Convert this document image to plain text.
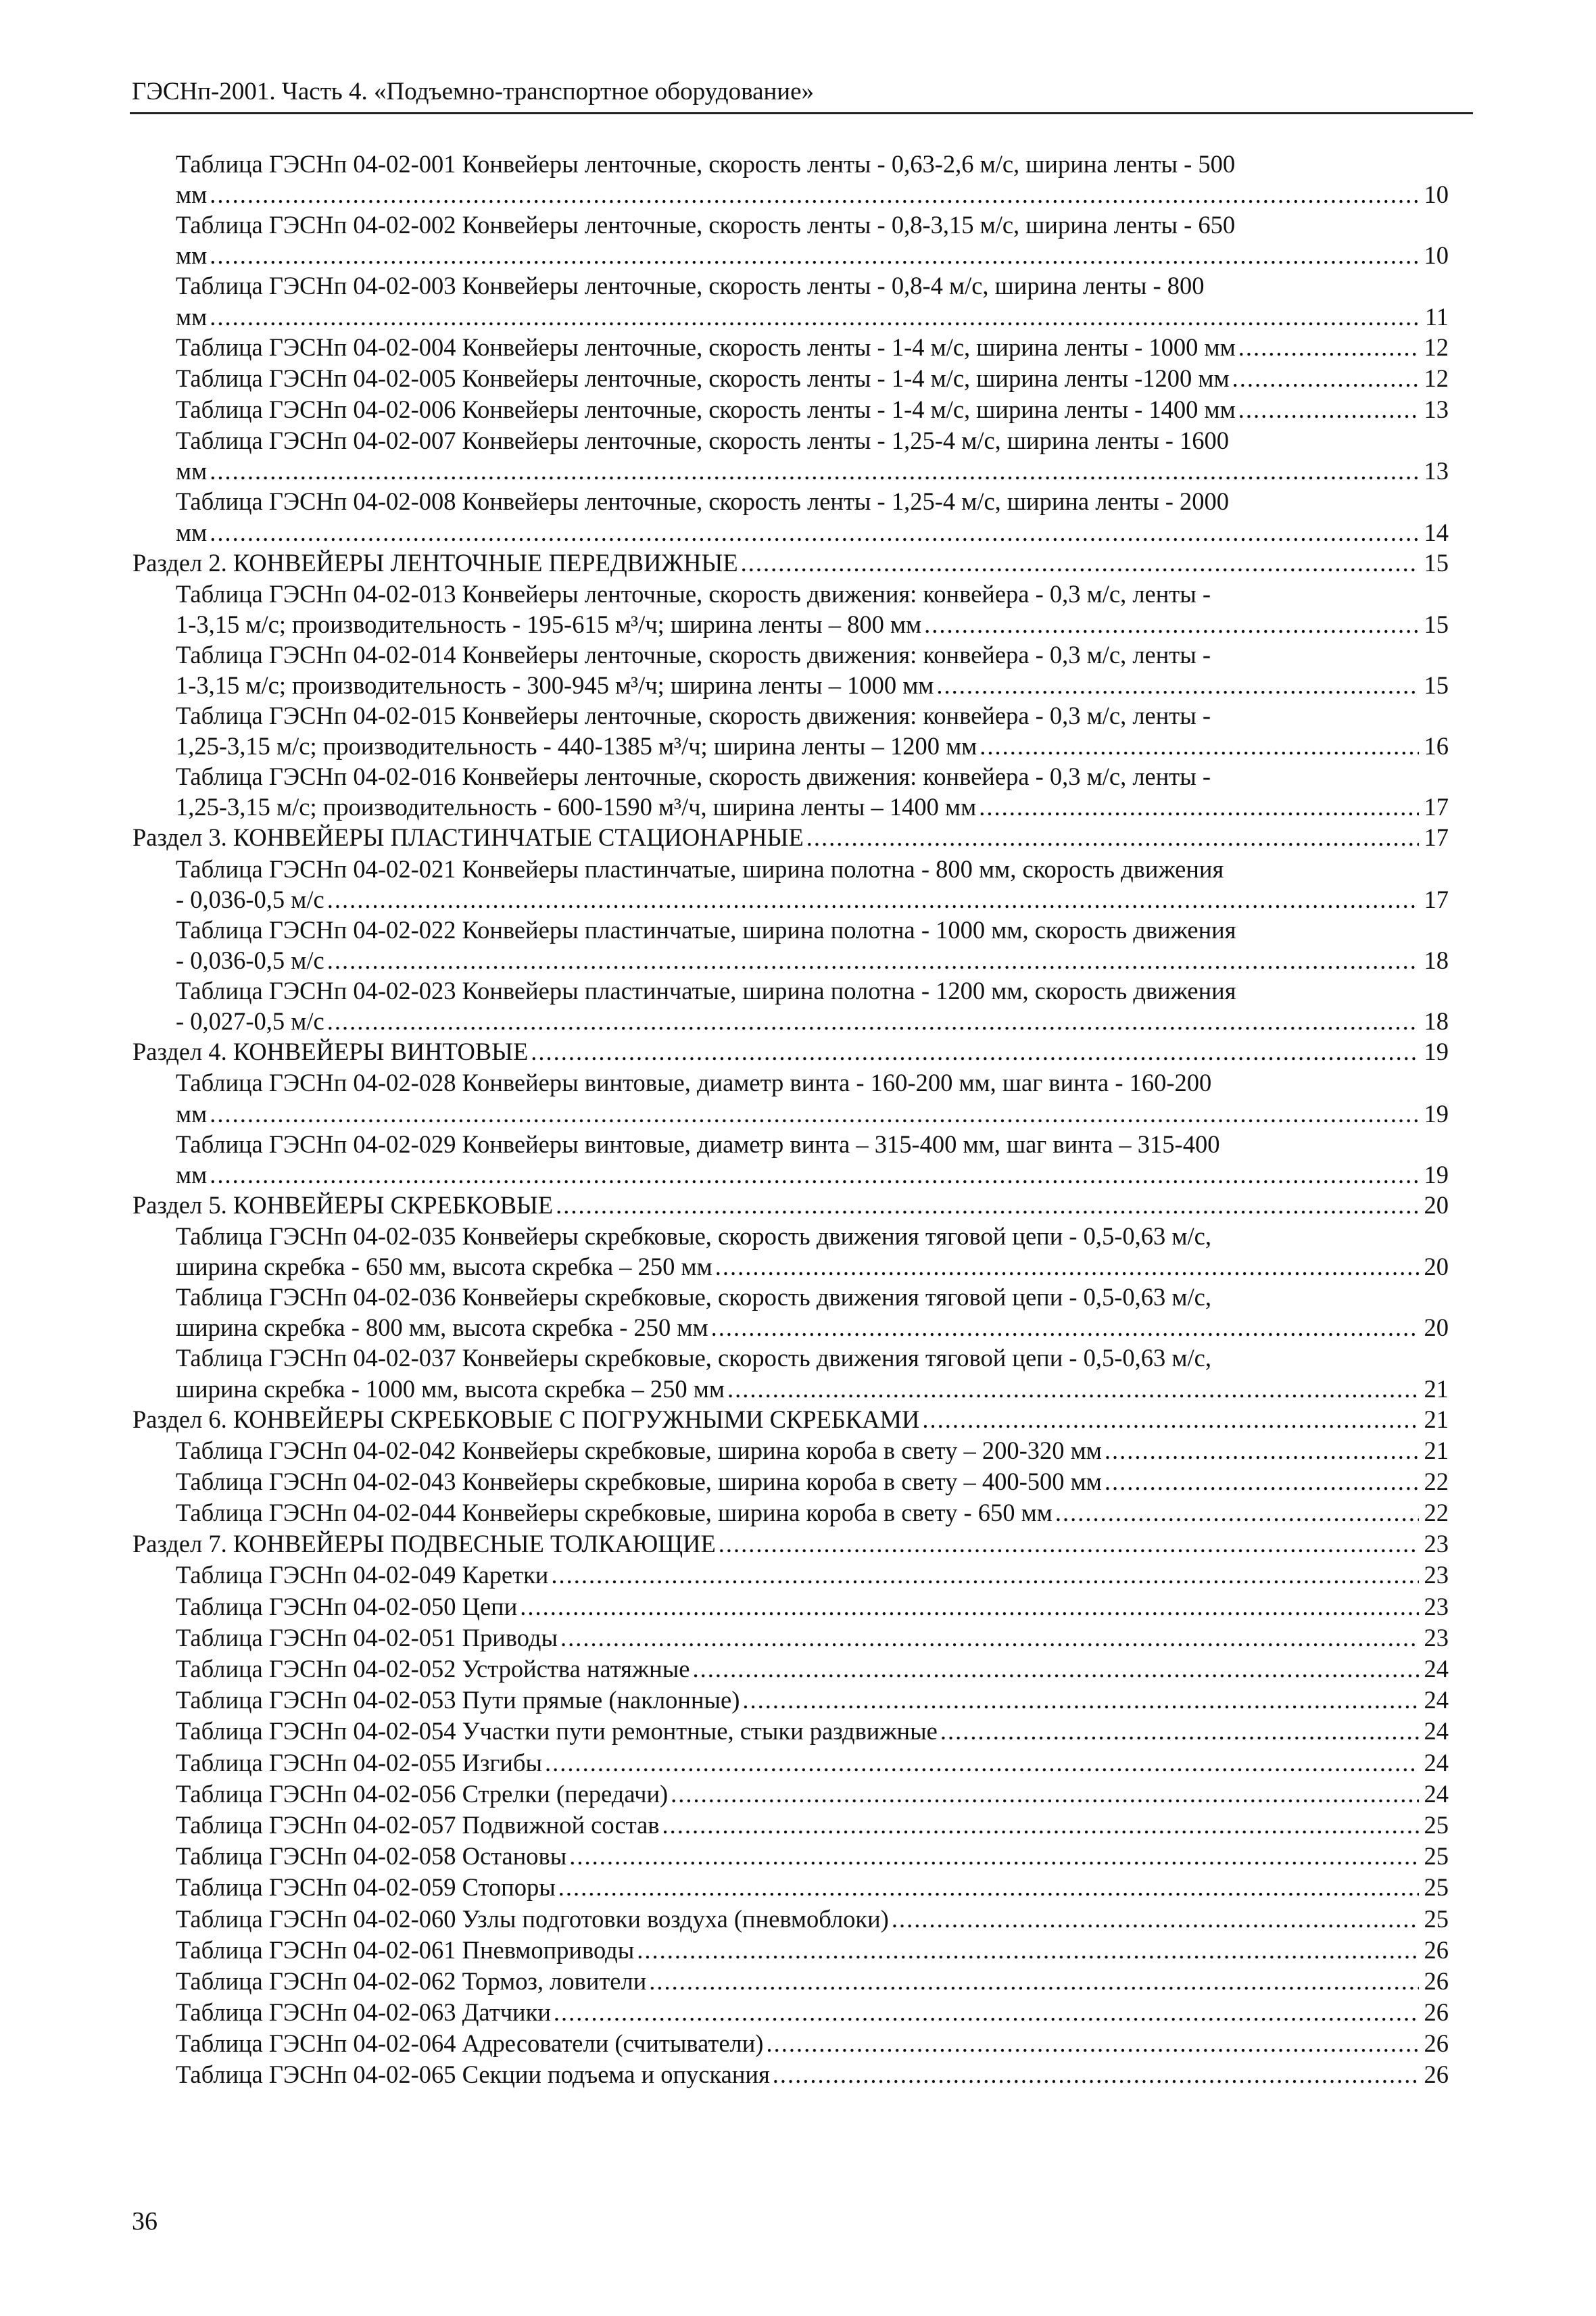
ГЭСНп-2001. Часть 4. «Подъемно-транспортное оборудование»
Таблица ГЭСНп 04-02-001 Конвейеры ленточные, скорость ленты - 0,63-2,6 м/с, ширина ленты - 500
мм .....	10
Таблица ГЭСНп 04-02-002 Конвейеры ленточные, скорость ленты - 0,8-3,15 м/с, ширина ленты - 650
мм .....	10
Таблица ГЭСНп 04-02-003 Конвейеры ленточные, скорость ленты - 0,8-4 м/с, ширина ленты - 800
мм .....	11
Таблица ГЭСНп 04-02-004 Конвейеры ленточные, скорость ленты - 1-4 м/с, ширина ленты - 1000 мм .....	12
Таблица ГЭСНп 04-02-005 Конвейеры ленточные, скорость ленты - 1-4 м/с, ширина ленты -1200 мм .....	12
Таблица ГЭСНп 04-02-006 Конвейеры ленточные, скорость ленты - 1-4 м/с, ширина ленты - 1400 мм .....	13
Таблица ГЭСНп 04-02-007 Конвейеры ленточные, скорость ленты - 1,25-4 м/с, ширина ленты - 1600
мм .....	13
Таблица ГЭСНп 04-02-008 Конвейеры ленточные, скорость ленты - 1,25-4 м/с, ширина ленты - 2000
мм .....	14
Раздел 2. КОНВЕЙЕРЫ ЛЕНТОЧНЫЕ ПЕРЕДВИЖНЫЕ .....	15
Таблица ГЭСНп 04-02-013 Конвейеры ленточные, скорость движения: конвейера - 0,3 м/с, ленты -
1-3,15 м/с; производительность - 195-615 м³/ч; ширина ленты – 800 мм .....	15
Таблица ГЭСНп 04-02-014 Конвейеры ленточные, скорость движения: конвейера - 0,3 м/с, ленты -
1-3,15 м/с; производительность - 300-945 м³/ч; ширина ленты – 1000 мм .....	15
Таблица ГЭСНп 04-02-015 Конвейеры ленточные, скорость движения: конвейера - 0,3 м/с, ленты -
1,25-3,15 м/с; производительность - 440-1385 м³/ч; ширина ленты – 1200 мм .....	16
Таблица ГЭСНп 04-02-016 Конвейеры ленточные, скорость движения: конвейера - 0,3 м/с, ленты -
1,25-3,15 м/с; производительность - 600-1590 м³/ч, ширина ленты – 1400 мм .....	17
Раздел 3. КОНВЕЙЕРЫ ПЛАСТИНЧАТЫЕ СТАЦИОНАРНЫЕ .....	17
Таблица ГЭСНп 04-02-021 Конвейеры пластинчатые, ширина полотна - 800 мм, скорость движения
- 0,036-0,5 м/с .....	17
Таблица ГЭСНп 04-02-022 Конвейеры пластинчатые, ширина полотна - 1000 мм, скорость движения
- 0,036-0,5 м/с .....	18
Таблица ГЭСНп 04-02-023 Конвейеры пластинчатые, ширина полотна - 1200 мм, скорость движения
- 0,027-0,5 м/с .....	18
Раздел 4. КОНВЕЙЕРЫ ВИНТОВЫЕ .....	19
Таблица ГЭСНп 04-02-028 Конвейеры винтовые, диаметр винта - 160-200 мм, шаг винта - 160-200
мм .....	19
Таблица ГЭСНп 04-02-029 Конвейеры винтовые, диаметр винта – 315-400 мм, шаг винта – 315-400
мм .....	19
Раздел 5. КОНВЕЙЕРЫ СКРЕБКОВЫЕ .....	20
Таблица ГЭСНп 04-02-035 Конвейеры скребковые, скорость движения тяговой цепи - 0,5-0,63 м/с,
ширина скребка - 650 мм, высота скребка – 250 мм .....	20
Таблица ГЭСНп 04-02-036 Конвейеры скребковые, скорость движения тяговой цепи - 0,5-0,63 м/с,
ширина скребка - 800 мм, высота скребка - 250 мм .....	20
Таблица ГЭСНп 04-02-037 Конвейеры скребковые, скорость движения тяговой цепи - 0,5-0,63 м/с,
ширина скребка - 1000 мм, высота скребка – 250 мм .....	21
Раздел 6. КОНВЕЙЕРЫ СКРЕБКОВЫЕ С ПОГРУЖНЫМИ СКРЕБКАМИ .....	21
Таблица ГЭСНп 04-02-042 Конвейеры скребковые, ширина короба в свету – 200-320 мм .....	21
Таблица ГЭСНп 04-02-043 Конвейеры скребковые, ширина короба в свету – 400-500 мм .....	22
Таблица ГЭСНп 04-02-044 Конвейеры скребковые, ширина короба в свету - 650 мм .....	22
Раздел 7. КОНВЕЙЕРЫ ПОДВЕСНЫЕ ТОЛКАЮЩИЕ .....	23
Таблица ГЭСНп 04-02-049 Каретки .....	23
Таблица ГЭСНп 04-02-050 Цепи .....	23
Таблица ГЭСНп 04-02-051 Приводы .....	23
Таблица ГЭСНп 04-02-052 Устройства натяжные .....	24
Таблица ГЭСНп 04-02-053 Пути прямые (наклонные) .....	24
Таблица ГЭСНп 04-02-054 Участки пути ремонтные, стыки раздвижные .....	24
Таблица ГЭСНп 04-02-055 Изгибы .....	24
Таблица ГЭСНп 04-02-056 Стрелки (передачи) .....	24
Таблица ГЭСНп 04-02-057 Подвижной состав .....	25
Таблица ГЭСНп 04-02-058 Остановы .....	25
Таблица ГЭСНп 04-02-059 Стопоры .....	25
Таблица ГЭСНп 04-02-060 Узлы подготовки воздуха (пневмоблоки) .....	25
Таблица ГЭСНп 04-02-061 Пневмоприводы .....	26
Таблица ГЭСНп 04-02-062 Тормоз, ловители .....	26
Таблица ГЭСНп 04-02-063 Датчики .....	26
Таблица ГЭСНп 04-02-064 Адресователи (считыватели) .....	26
Таблица ГЭСНп 04-02-065 Секции подъема и опускания .....	26
36
